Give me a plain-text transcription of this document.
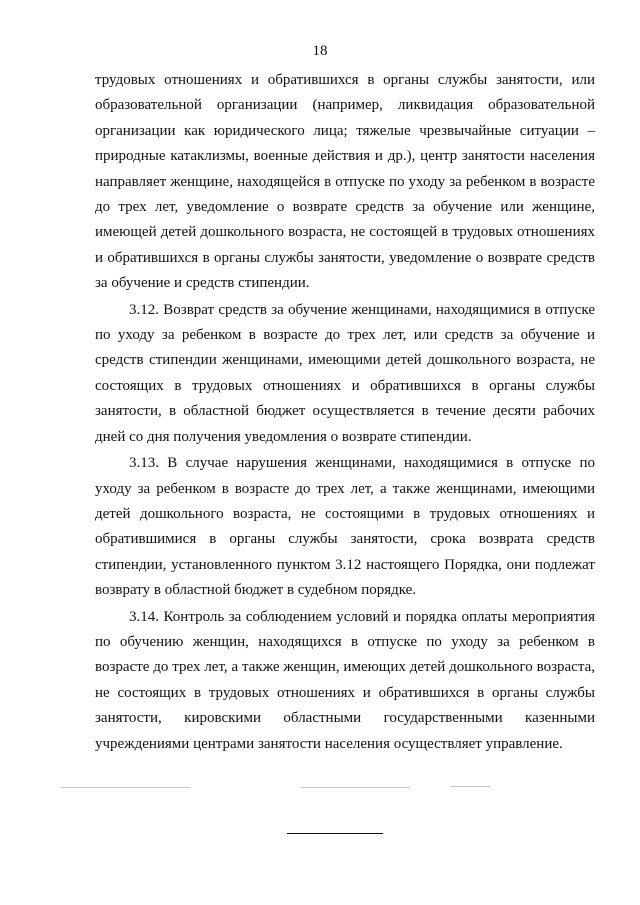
18

трудовых отношениях и обратившихся в органы службы занятости, или образовательной организации (например, ликвидация образовательной организации как юридического лица; тяжелые чрезвычайные ситуации – природные катаклизмы, военные действия и др.), центр занятости населения направляет женщине, находящейся в отпуске по уходу за ребенком в возрасте до трех лет, уведомление о возврате средств за обучение или женщине, имеющей детей дошкольного возраста, не состоящей в трудовых отношениях и обратившихся в органы службы занятости, уведомление о возврате средств за обучение и средств стипендии.

3.12. Возврат средств за обучение женщинами, находящимися в отпуске по уходу за ребенком в возрасте до трех лет, или средств за обучение и средств стипендии женщинами, имеющими детей дошкольного возраста, не состоящих в трудовых отношениях и обратившихся в органы службы занятости, в областной бюджет осуществляется в течение десяти рабочих дней со дня получения уведомления о возврате стипендии.

3.13. В случае нарушения женщинами, находящимися в отпуске по уходу за ребенком в возрасте до трех лет, а также женщинами, имеющими детей дошкольного возраста, не состоящими в трудовых отношениях и обратившимися в органы службы занятости, срока возврата средств стипендии, установленного пунктом 3.12 настоящего Порядка, они подлежат возврату в областной бюджет в судебном порядке.

3.14. Контроль за соблюдением условий и порядка оплаты мероприятия по обучению женщин, находящихся в отпуске по уходу за ребенком в возрасте до трех лет, а также женщин, имеющих детей дошкольного возраста, не состоящих в трудовых отношениях и обратившихся в органы службы занятости, кировскими областными государственными казенными учреждениями центрами занятости населения осуществляет управление.
